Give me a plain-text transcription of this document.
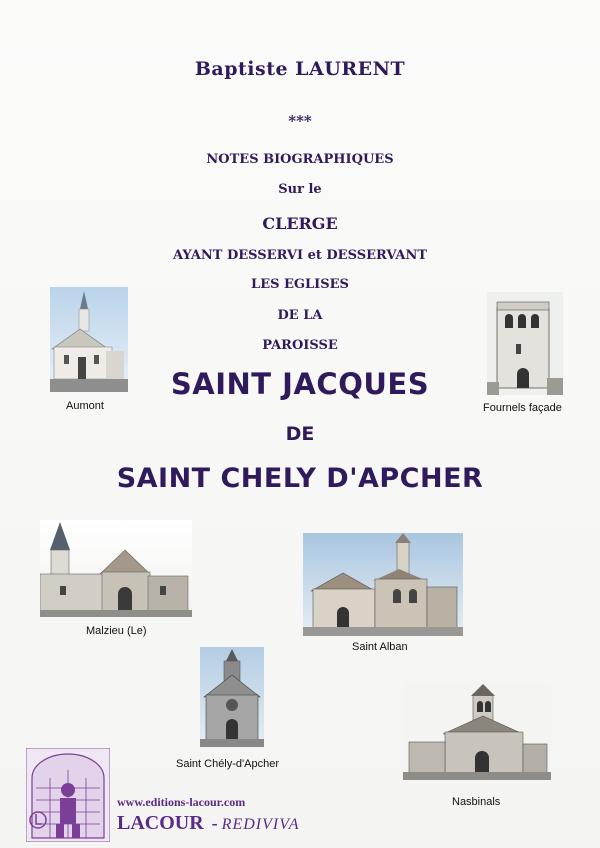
Baptiste LAURENT
***
NOTES BIOGRAPHIQUES
Sur le
CLERGE
AYANT DESSERVI et DESSERVANT
LES EGLISES
DE LA
PAROISSE
SAINT JACQUES
DE
SAINT CHELY D'APCHER
Aumont	Fournels façade
Malzieu (Le)
Saint Alban
Saint Chély-d'Apcher
Nasbinals
www.editions-lacour.com
LACOUR - REDIVIVA
